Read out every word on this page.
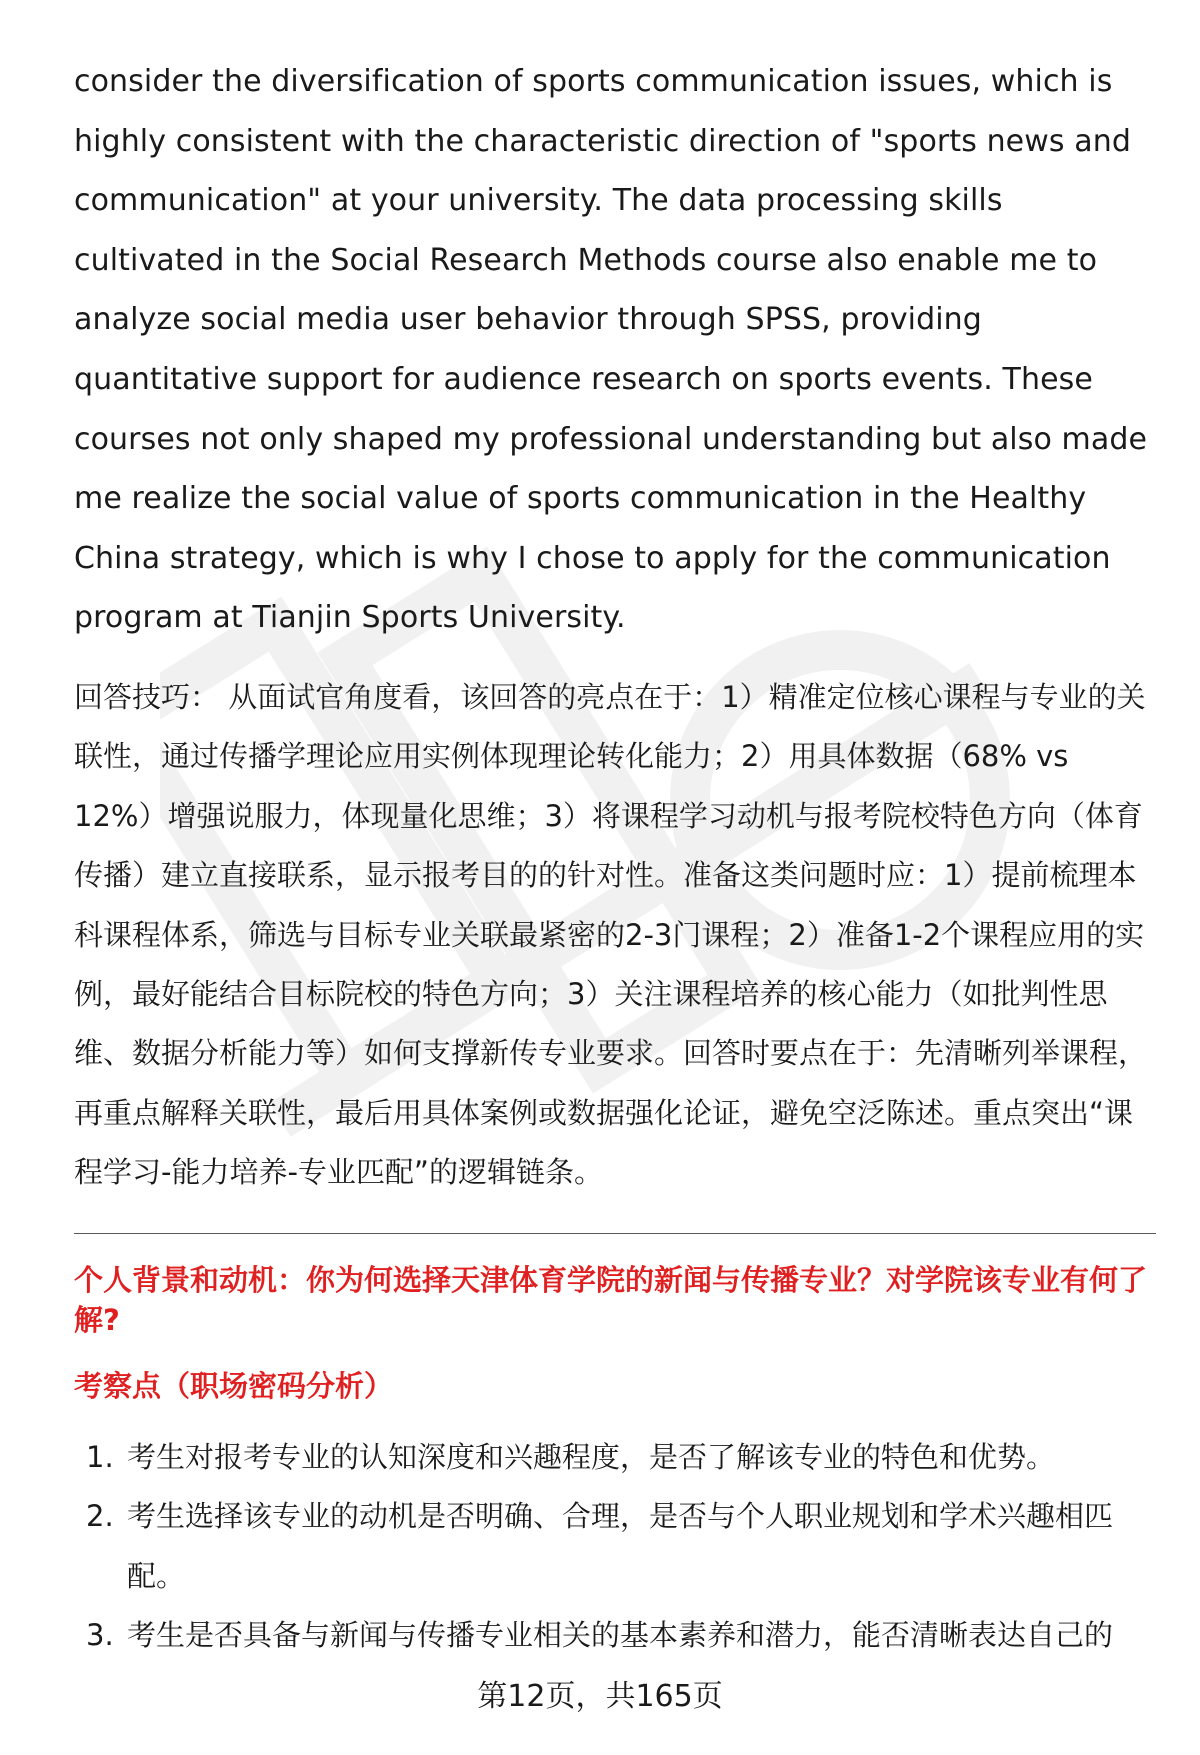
consider the diversification of sports communication issues, which is highly consistent with the characteristic direction of "sports news and communication" at your university. The data processing skills cultivated in the Social Research Methods course also enable me to analyze social media user behavior through SPSS, providing quantitative support for audience research on sports events. These courses not only shaped my professional understanding but also made me realize the social value of sports communication in the Healthy China strategy, which is why I chose to apply for the communication program at Tianjin Sports University.

回答技巧： 从面试官角度看，该回答的亮点在于：1）精准定位核心课程与专业的关联性，通过传播学理论应用实例体现理论转化能力；2）用具体数据（68% vs 12%）增强说服力，体现量化思维；3）将课程学习动机与报考院校特色方向（体育传播）建立直接联系，显示报考目的的针对性。准备这类问题时应：1）提前梳理本科课程体系，筛选与目标专业关联最紧密的2-3门课程；2）准备1-2个课程应用的实例，最好能结合目标院校的特色方向；3）关注课程培养的核心能力（如批判性思维、数据分析能力等）如何支撑新传专业要求。回答时要点在于：先清晰列举课程，再重点解释关联性，最后用具体案例或数据强化论证，避免空泛陈述。重点突出“课程学习-能力培养-专业匹配”的逻辑链条。

个人背景和动机：你为何选择天津体育学院的新闻与传播专业？对学院该专业有何了解?
考察点（职场密码分析）
1. 考生对报考专业的认知深度和兴趣程度，是否了解该专业的特色和优势。
2. 考生选择该专业的动机是否明确、合理，是否与个人职业规划和学术兴趣相匹配。
3. 考生是否具备与新闻与传播专业相关的基本素养和潜力，能否清晰表达自己的
第12页，共165页
